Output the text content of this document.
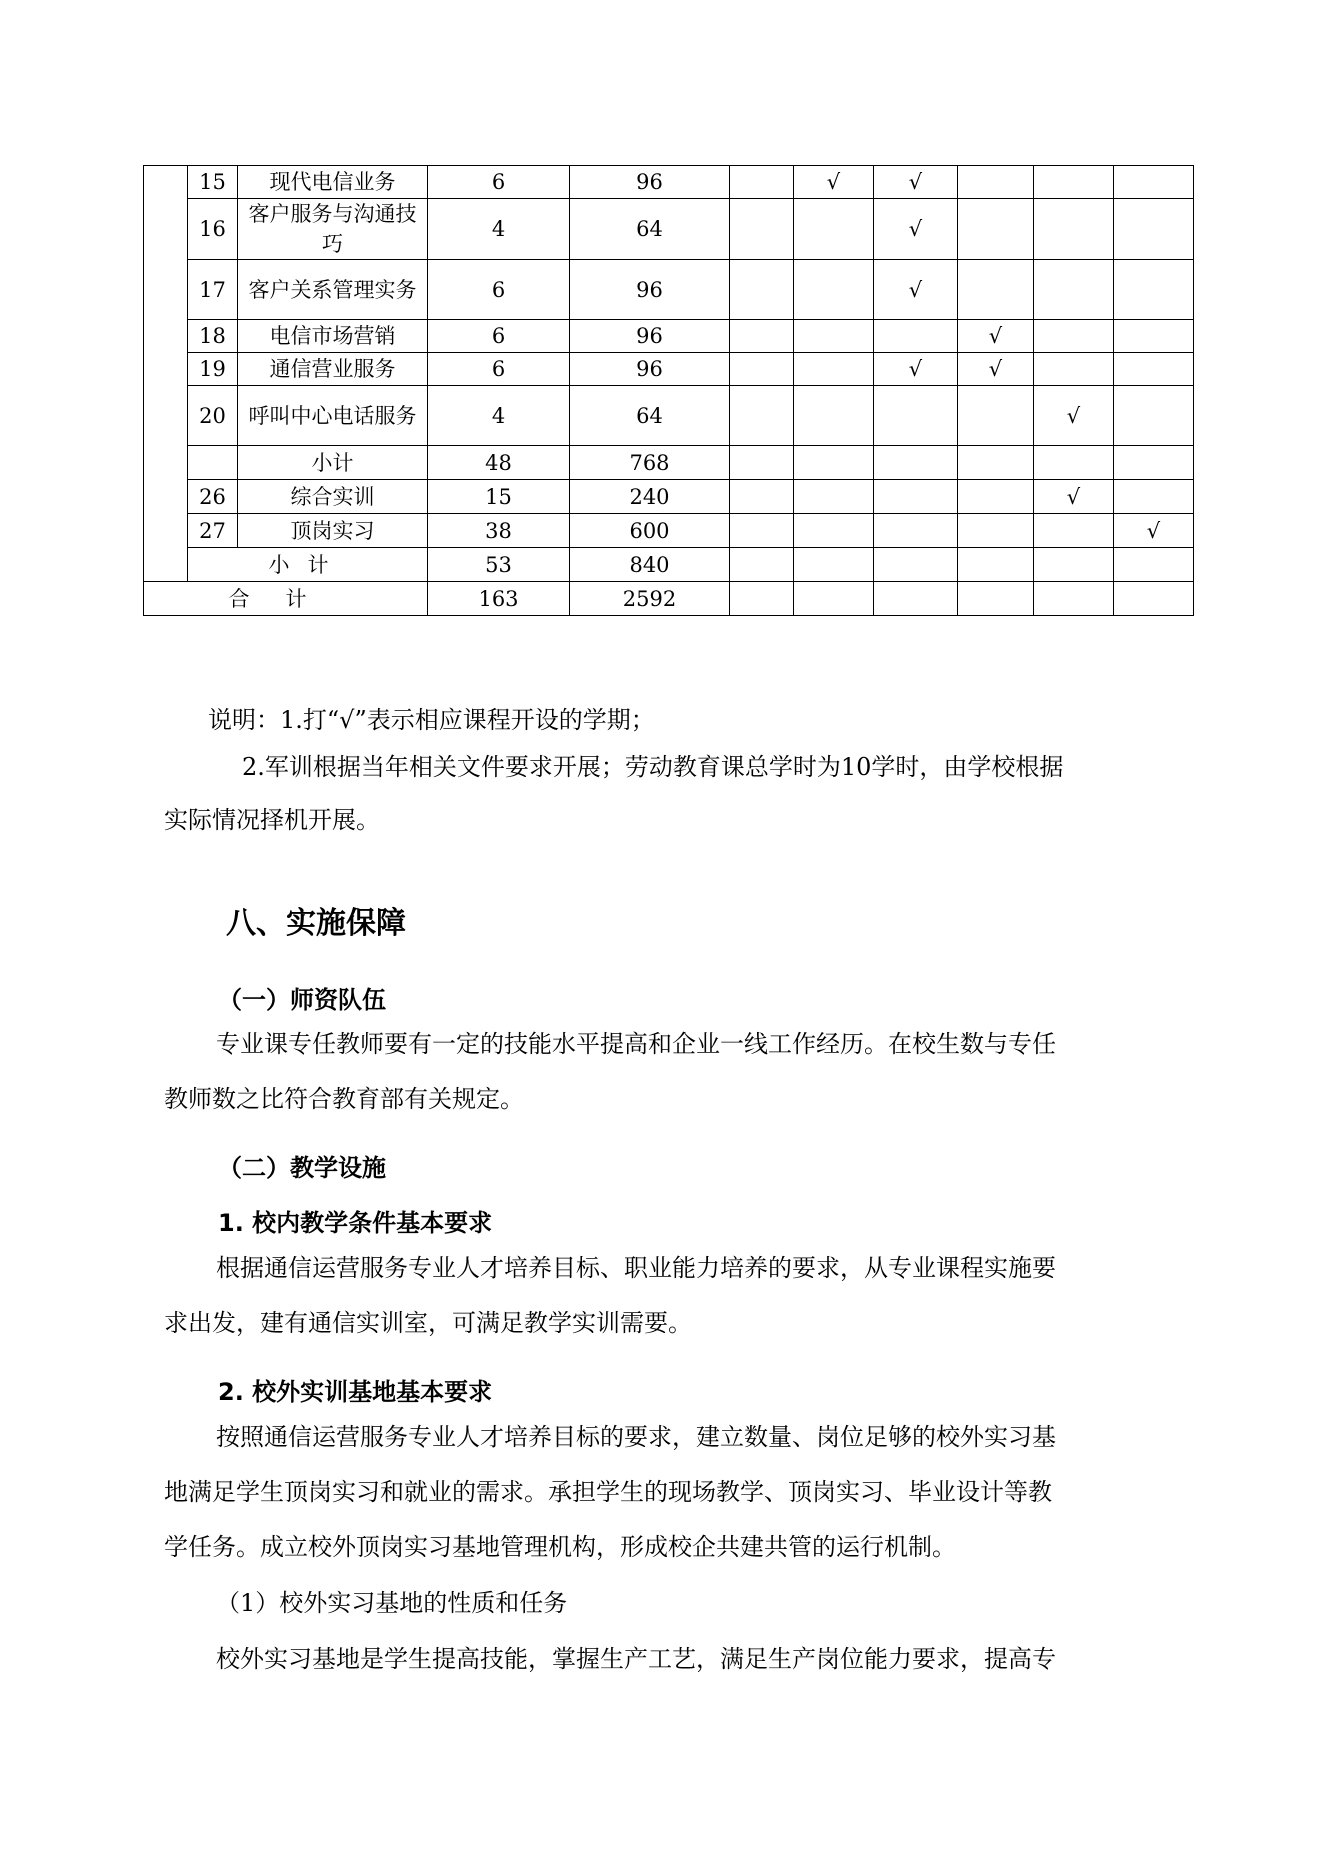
	15	现代电信业务	6	96		√	√			
	16	客户服务与沟通技巧	4	64			√			
	17	客户关系管理实务	6	96			√			
	18	电信市场营销	6	96				√		
	19	通信营业服务	6	96			√	√		
	20	呼叫中心电话服务	4	64					√	
		小计	48	768						
	26	综合实训	15	240					√	
	27	顶岗实习	38	600						√
	小计		53	840						
合计			163	2592						
说明：1.打“√”表示相应课程开设的学期；
2.军训根据当年相关文件要求开展；劳动教育课总学时为10学时，由学校根据
实际情况择机开展。
八、实施保障
（一）师资队伍
专业课专任教师要有一定的技能水平提高和企业一线工作经历。在校生数与专任
教师数之比符合教育部有关规定。
（二）教学设施
1. 校内教学条件基本要求
根据通信运营服务专业人才培养目标、职业能力培养的要求，从专业课程实施要
求出发，建有通信实训室，可满足教学实训需要。
2. 校外实训基地基本要求
按照通信运营服务专业人才培养目标的要求，建立数量、岗位足够的校外实习基
地满足学生顶岗实习和就业的需求。承担学生的现场教学、顶岗实习、毕业设计等教
学任务。成立校外顶岗实习基地管理机构，形成校企共建共管的运行机制。
（1）校外实习基地的性质和任务
校外实习基地是学生提高技能，掌握生产工艺，满足生产岗位能力要求，提高专
